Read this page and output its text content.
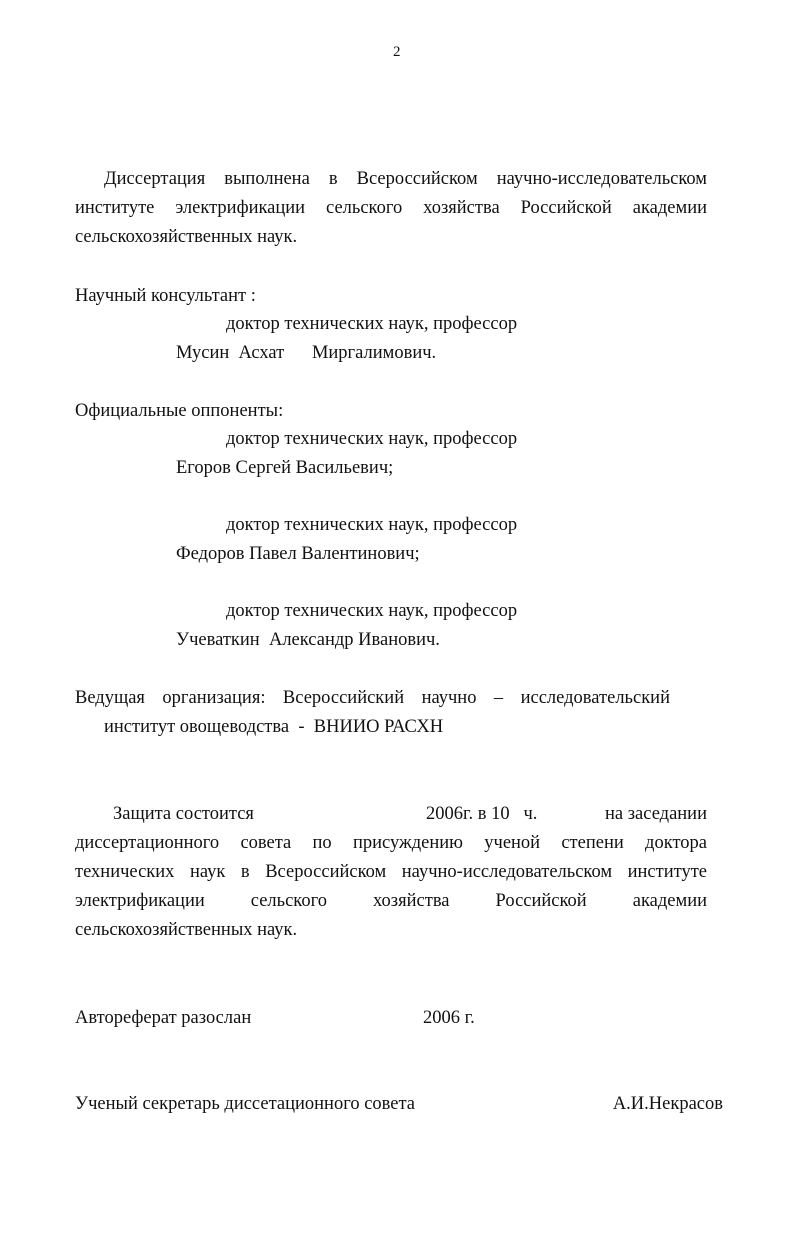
2
Диссертация выполнена в Всероссийском научно-исследовательском
институте электрификации сельского хозяйства Российской академии
сельскохозяйственных наук.
Научный консультант :
доктор технических наук, профессор
Мусин  Асхат      Миргалимович.
Официальные оппоненты:
доктор технических наук, профессор
Егоров Сергей Васильевич;
доктор технических наук, профессор
Федоров Павел Валентинович;
доктор технических наук, профессор
Учеваткин  Александр Иванович.
Ведущая организация: Всероссийский научно – исследовательский
институт овощеводства  -  ВНИИО РАСХН
Защита состоится	2006г. в 10   ч.	на заседании
диссертационного совета по присуждению ученой степени доктора
технических наук в Всероссийском научно-исследовательском институте
электрификации сельского хозяйства Российской академии
сельскохозяйственных наук.
Автореферат разослан	2006 г.
Ученый секретарь диссетационного совета	А.И.Некрасов
